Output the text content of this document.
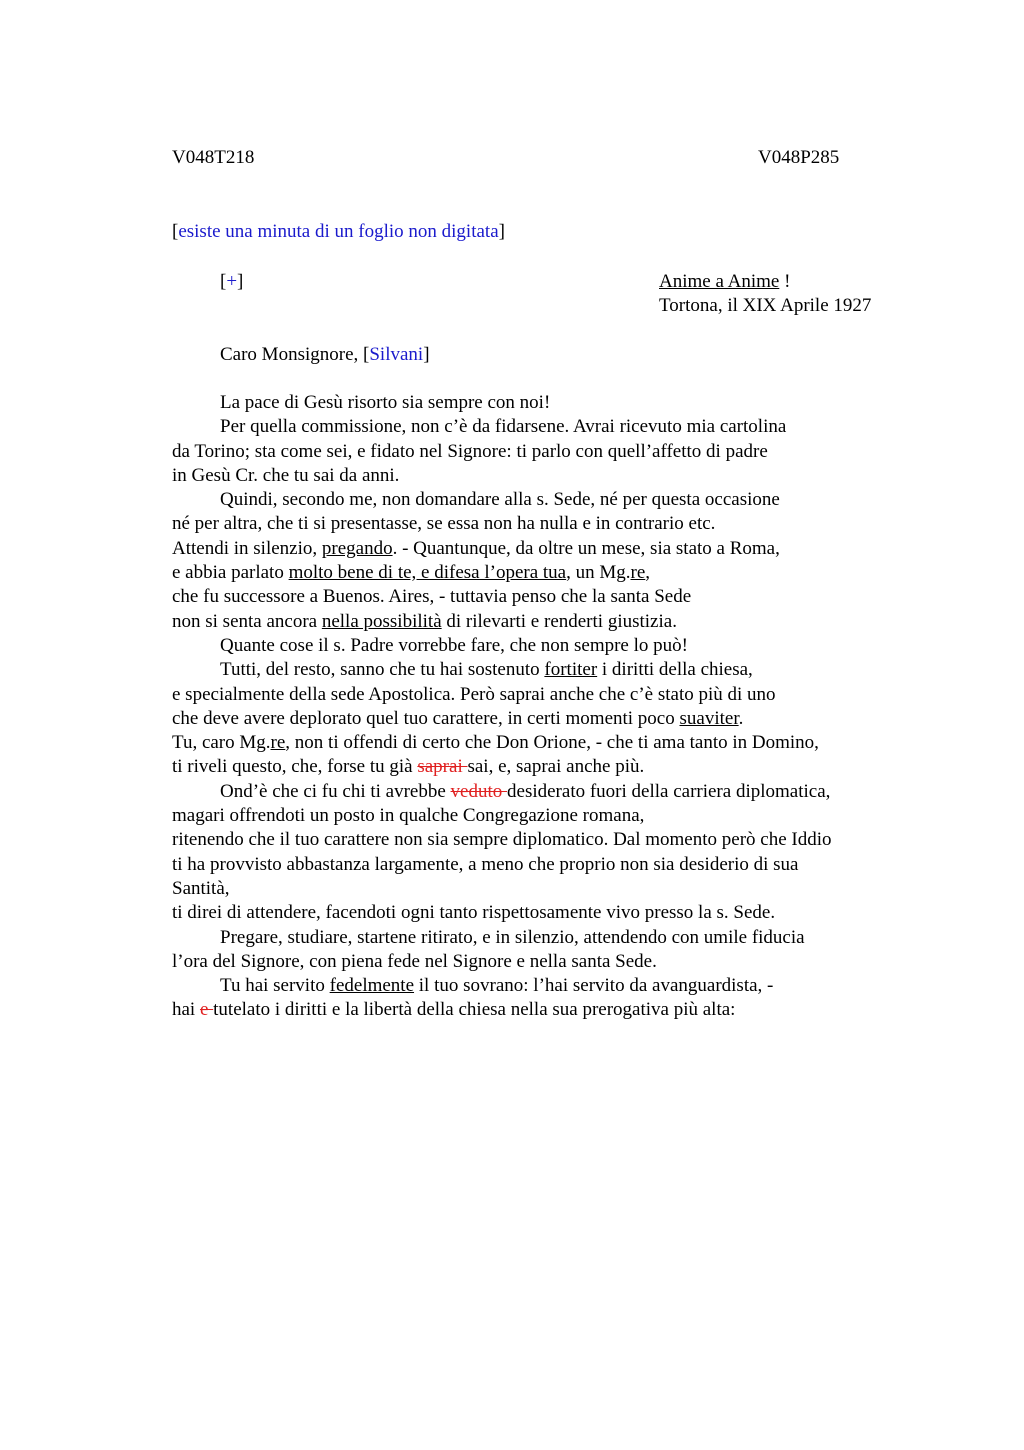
V048T218	V048P285
[esiste una minuta di un foglio non digitata]
[+]	Anime a Anime !
Tortona, il XIX Aprile 1927
Caro Monsignore, [Silvani]
La pace di Gesù risorto sia sempre con noi!
Per quella commissione, non c’è da fidarsene. Avrai ricevuto mia cartolina
da Torino; sta come sei, e fidato nel Signore: ti parlo con quell’affetto di padre
in Gesù Cr. che tu sai da anni.
Quindi, secondo me, non domandare alla s. Sede, né per questa occasione
né per altra, che ti si presentasse, se essa non ha nulla e in contrario etc.
Attendi in silenzio, pregando. - Quantunque, da oltre un mese, sia stato a Roma,
e abbia parlato molto bene di te, e difesa l’opera tua, un Mg.re,
che fu successore a Buenos. Aires, - tuttavia penso che la santa Sede
non si senta ancora nella possibilità di rilevarti e renderti giustizia.
Quante cose il s. Padre vorrebbe fare, che non sempre lo può!
Tutti, del resto, sanno che tu hai sostenuto fortiter i diritti della chiesa,
e specialmente della sede Apostolica. Però saprai anche che c’è stato più di uno
che deve avere deplorato quel tuo carattere, in certi momenti poco suaviter.
Tu, caro Mg.re, non ti offendi di certo che Don Orione, - che ti ama tanto in Domino,
ti riveli questo, che, forse tu già saprai sai, e, saprai anche più.
Ond’è che ci fu chi ti avrebbe veduto desiderato fuori della carriera diplomatica,
magari offrendoti un posto in qualche Congregazione romana,
ritenendo che il tuo carattere non sia sempre diplomatico. Dal momento però che Iddio
ti ha provvisto abbastanza largamente, a meno che proprio non sia desiderio di sua
Santità,
ti direi di attendere, facendoti ogni tanto rispettosamente vivo presso la s. Sede.
Pregare, studiare, startene ritirato, e in silenzio, attendendo con umile fiducia
l’ora del Signore, con piena fede nel Signore e nella santa Sede.
Tu hai servito fedelmente il tuo sovrano: l’hai servito da avanguardista, -
hai e tutelato i diritti e la libertà della chiesa nella sua prerogativa più alta:
